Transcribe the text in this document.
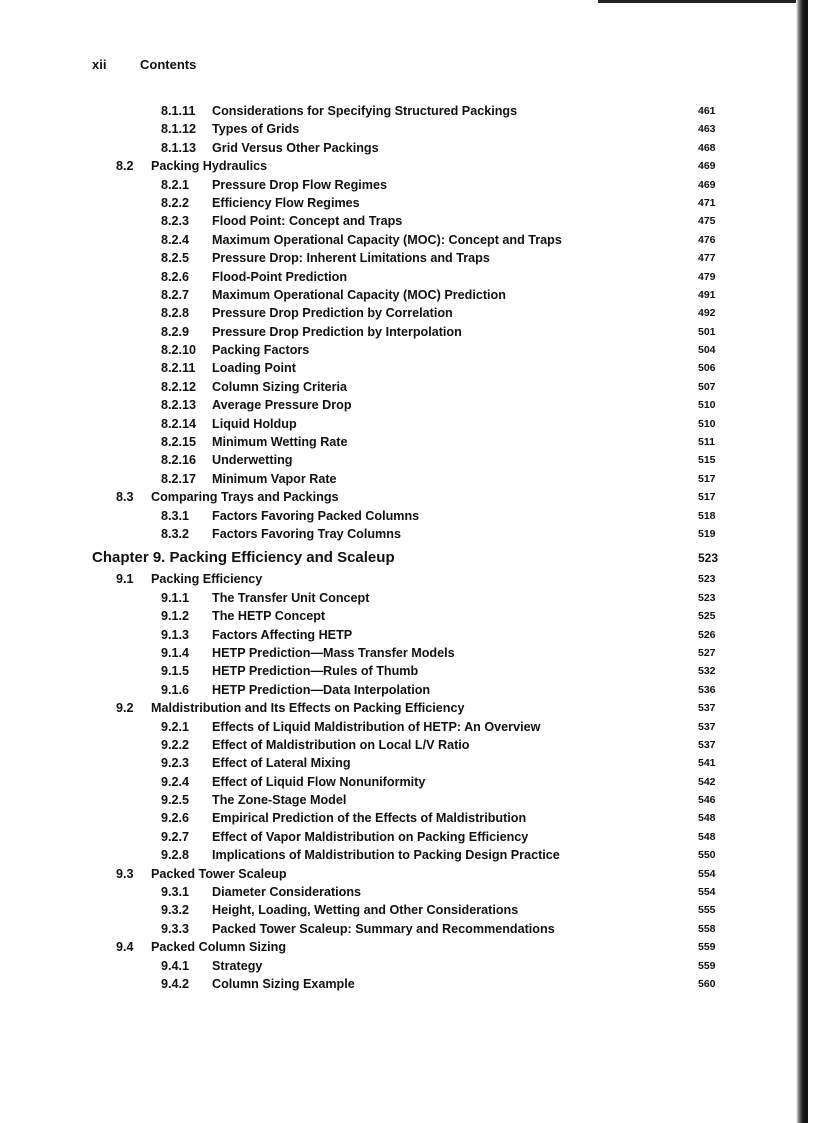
xii	Contents
8.1.11 Considerations for Specifying Structured Packings	461
8.1.12 Types of Grids	463
8.1.13 Grid Versus Other Packings	468
8.2 Packing Hydraulics	469
8.2.1 Pressure Drop Flow Regimes	469
8.2.2 Efficiency Flow Regimes	471
8.2.3 Flood Point: Concept and Traps	475
8.2.4 Maximum Operational Capacity (MOC): Concept and Traps	476
8.2.5 Pressure Drop: Inherent Limitations and Traps	477
8.2.6 Flood-Point Prediction	479
8.2.7 Maximum Operational Capacity (MOC) Prediction	491
8.2.8 Pressure Drop Prediction by Correlation	492
8.2.9 Pressure Drop Prediction by Interpolation	501
8.2.10 Packing Factors	504
8.2.11 Loading Point	506
8.2.12 Column Sizing Criteria	507
8.2.13 Average Pressure Drop	510
8.2.14 Liquid Holdup	510
8.2.15 Minimum Wetting Rate	511
8.2.16 Underwetting	515
8.2.17 Minimum Vapor Rate	517
8.3 Comparing Trays and Packings	517
8.3.1 Factors Favoring Packed Columns	518
8.3.2 Factors Favoring Tray Columns	519
Chapter 9. Packing Efficiency and Scaleup	523
9.1 Packing Efficiency	523
9.1.1 The Transfer Unit Concept	523
9.1.2 The HETP Concept	525
9.1.3 Factors Affecting HETP	526
9.1.4 HETP Prediction—Mass Transfer Models	527
9.1.5 HETP Prediction—Rules of Thumb	532
9.1.6 HETP Prediction—Data Interpolation	536
9.2 Maldistribution and Its Effects on Packing Efficiency	537
9.2.1 Effects of Liquid Maldistribution of HETP: An Overview	537
9.2.2 Effect of Maldistribution on Local L/V Ratio	537
9.2.3 Effect of Lateral Mixing	541
9.2.4 Effect of Liquid Flow Nonuniformity	542
9.2.5 The Zone-Stage Model	546
9.2.6 Empirical Prediction of the Effects of Maldistribution	548
9.2.7 Effect of Vapor Maldistribution on Packing Efficiency	548
9.2.8 Implications of Maldistribution to Packing Design Practice	550
9.3 Packed Tower Scaleup	554
9.3.1 Diameter Considerations	554
9.3.2 Height, Loading, Wetting and Other Considerations	555
9.3.3 Packed Tower Scaleup: Summary and Recommendations	558
9.4 Packed Column Sizing	559
9.4.1 Strategy	559
9.4.2 Column Sizing Example	560
